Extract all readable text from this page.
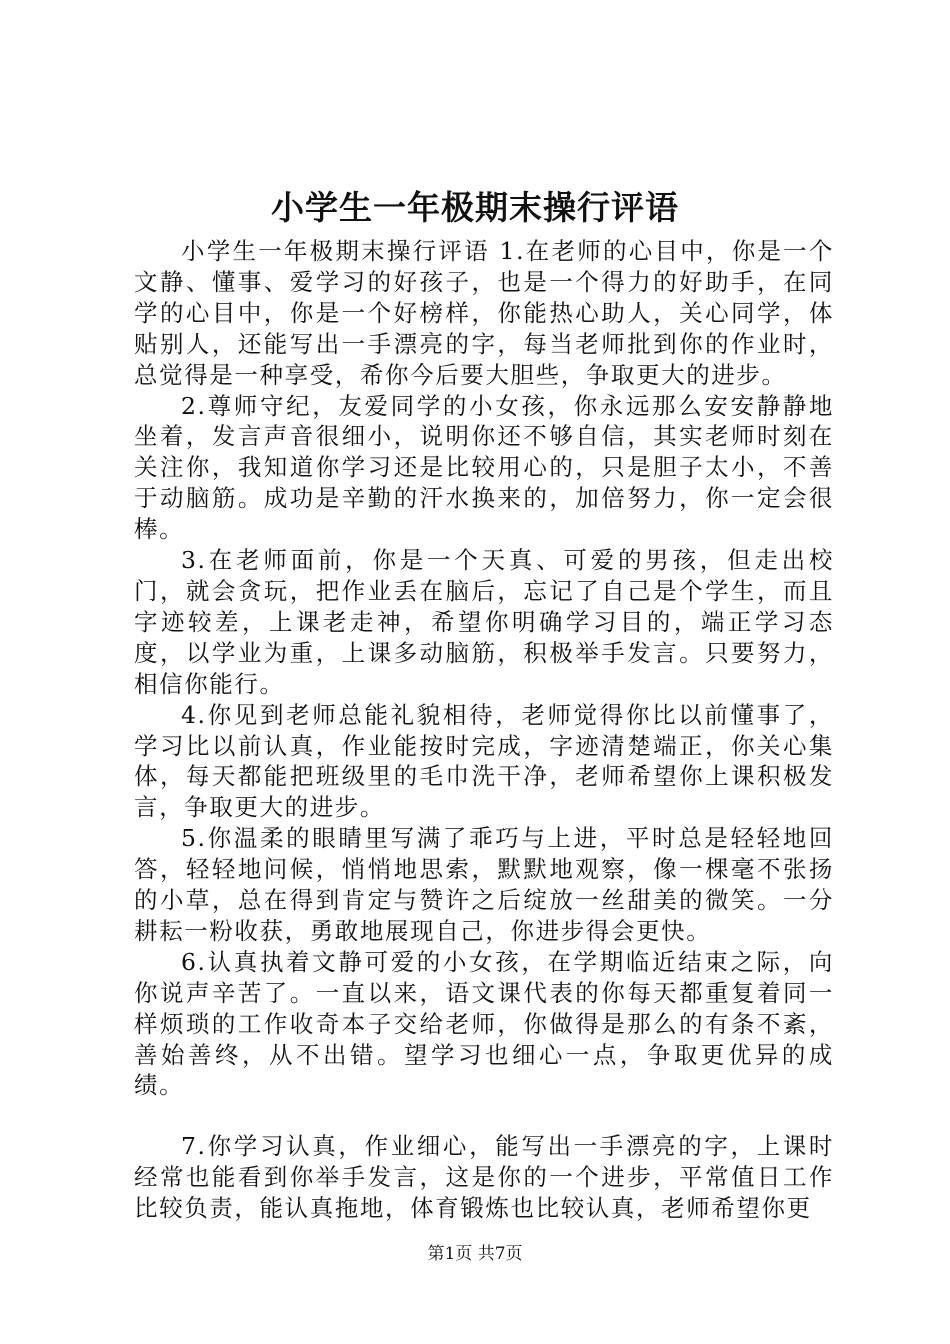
小学生一年极期末操行评语

小学生一年极期末操行评语 1.在老师的心目中，你是一个文静、懂事、爱学习的好孩子，也是一个得力的好助手，在同学的心目中，你是一个好榜样，你能热心助人，关心同学，体贴别人，还能写出一手漂亮的字，每当老师批到你的作业时，总觉得是一种享受，希你今后要大胆些，争取更大的进步。

2.尊师守纪，友爱同学的小女孩，你永远那么安安静静地坐着，发言声音很细小，说明你还不够自信，其实老师时刻在关注你，我知道你学习还是比较用心的，只是胆子太小，不善于动脑筋。成功是辛勤的汗水换来的，加倍努力，你一定会很棒。

3.在老师面前，你是一个天真、可爱的男孩，但走出校门，就会贪玩，把作业丢在脑后，忘记了自己是个学生，而且字迹较差，上课老走神，希望你明确学习目的，端正学习态度，以学业为重，上课多动脑筋，积极举手发言。只要努力，相信你能行。

4.你见到老师总能礼貌相待，老师觉得你比以前懂事了，学习比以前认真，作业能按时完成，字迹清楚端正，你关心集体，每天都能把班级里的毛巾洗干净，老师希望你上课积极发言，争取更大的进步。

5.你温柔的眼睛里写满了乖巧与上进，平时总是轻轻地回答，轻轻地问候，悄悄地思索，默默地观察，像一棵毫不张扬的小草，总在得到肯定与赞许之后绽放一丝甜美的微笑。一分耕耘一粉收获，勇敢地展现自己，你进步得会更快。

6.认真执着文静可爱的小女孩，在学期临近结束之际，向你说声辛苦了。一直以来，语文课代表的你每天都重复着同一样烦琐的工作收奇本子交给老师，你做得是那么的有条不紊，善始善终，从不出错。望学习也细心一点，争取更优异的成绩。

7.你学习认真，作业细心，能写出一手漂亮的字，上课时经常也能看到你举手发言，这是你的一个进步，平常值日工作比较负责，能认真拖地，体育锻炼也比较认真，老师希望你更

第1页 共7页
